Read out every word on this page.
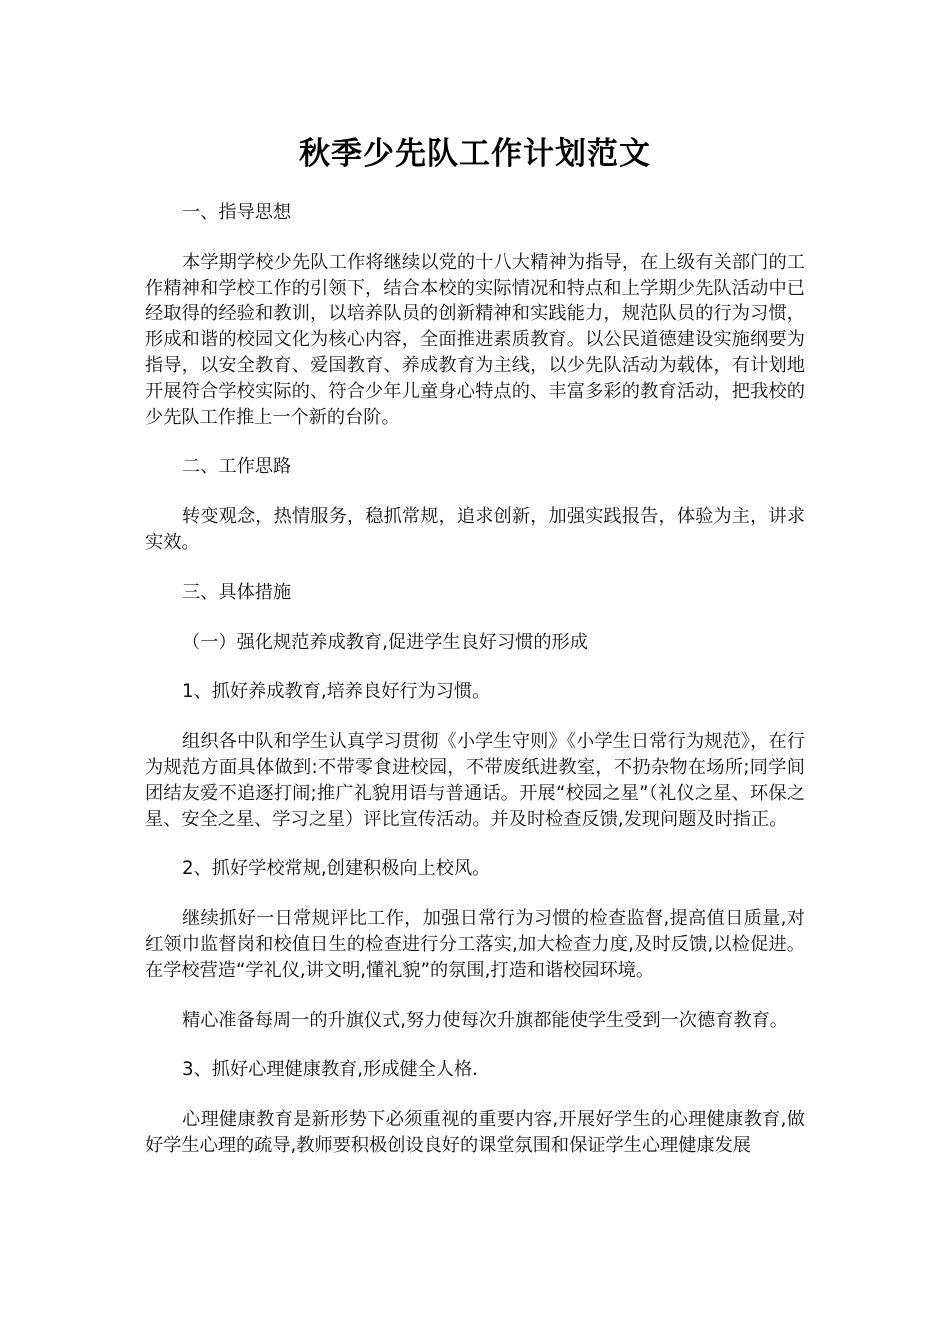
秋季少先队工作计划范文

一、指导思想

本学期学校少先队工作将继续以党的十八大精神为指导，在上级有关部门的工作精神和学校工作的引领下，结合本校的实际情况和特点和上学期少先队活动中已经取得的经验和教训，以培养队员的创新精神和实践能力，规范队员的行为习惯，形成和谐的校园文化为核心内容，全面推进素质教育。以公民道德建设实施纲要为指导，以安全教育、爱国教育、养成教育为主线，以少先队活动为载体，有计划地开展符合学校实际的、符合少年儿童身心特点的、丰富多彩的教育活动，把我校的少先队工作推上一个新的台阶。

二、工作思路

转变观念，热情服务，稳抓常规，追求创新，加强实践报告，体验为主，讲求实效。

三、具体措施

（一）强化规范养成教育,促进学生良好习惯的形成

1、抓好养成教育,培养良好行为习惯。

组织各中队和学生认真学习贯彻《小学生守则》《小学生日常行为规范》，在行为规范方面具体做到:不带零食进校园，不带废纸进教室，不扔杂物在场所;同学间团结友爱不追逐打闹;推广礼貌用语与普通话。开展“校园之星”（礼仪之星、环保之星、安全之星、学习之星）评比宣传活动。并及时检查反馈,发现问题及时指正。

2、抓好学校常规,创建积极向上校风。

继续抓好一日常规评比工作，加强日常行为习惯的检查监督,提高值日质量,对红领巾监督岗和校值日生的检查进行分工落实,加大检查力度,及时反馈,以检促进。在学校营造“学礼仪,讲文明,懂礼貌”的氛围,打造和谐校园环境。

精心准备每周一的升旗仪式,努力使每次升旗都能使学生受到一次德育教育。

3、抓好心理健康教育,形成健全人格.

心理健康教育是新形势下必须重视的重要内容,开展好学生的心理健康教育,做好学生心理的疏导,教师要积极创设良好的课堂氛围和保证学生心理健康发展
